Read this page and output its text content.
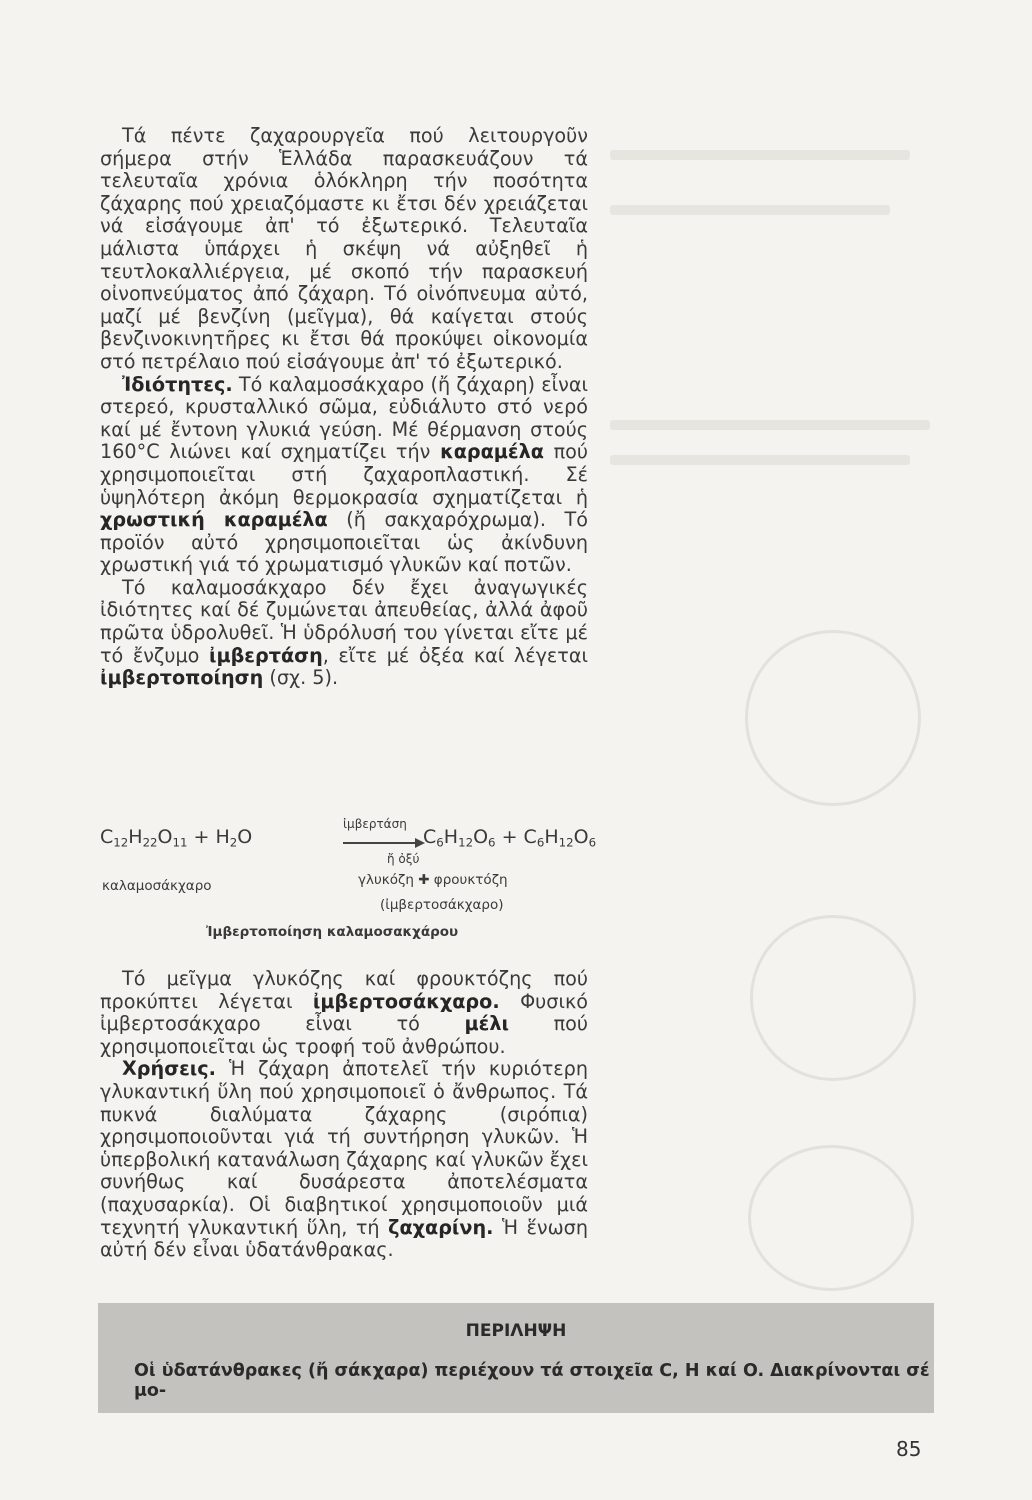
Τά πέντε ζαχαρουργεῖα πού λειτουργοῦν σήμερα στήν Ἑλλάδα παρασκευάζουν τά τελευταῖα χρόνια ὁλόκληρη τήν ποσότητα ζάχαρης πού χρειαζόμαστε κι ἔτσι δέν χρειάζεται νά εἰσάγουμε ἀπ' τό ἐξωτερικό. Τελευταῖα μάλιστα ὑπάρχει ἡ σκέψη νά αὐξηθεῖ ἡ τευτλοκαλλιέργεια, μέ σκοπό τήν παρασκευή οἰνοπνεύματος ἀπό ζάχαρη. Τό οἰνόπνευμα αὐτό, μαζί μέ βενζίνη (μεῖγμα), θά καίγεται στούς βενζινοκινητῆρες κι ἔτσι θά προκύψει οἰκονομία στό πετρέλαιο πού εἰσάγουμε ἀπ' τό ἐξωτερικό.

Ἰδιότητες. Τό καλαμοσάκχαρο (ἤ ζάχαρη) εἶναι στερεό, κρυσταλλικό σῶμα, εὐδιάλυτο στό νερό καί μέ ἔντονη γλυκιά γεύση. Μέ θέρμανση στούς 160°C λιώνει καί σχηματίζει τήν καραμέλα πού χρησιμοποιεῖται στή ζαχαροπλαστική. Σέ ὑψηλότερη ἀκόμη θερμοκρασία σχηματίζεται ἡ χρωστική καραμέλα (ἤ σακχαρόχρωμα). Τό προϊόν αὐτό χρησιμοποιεῖται ὡς ἀκίνδυνη χρωστική γιά τό χρωματισμό γλυκῶν καί ποτῶν.

Τό καλαμοσάκχαρο δέν ἔχει ἀναγωγικές ἰδιότητες καί δέ ζυμώνεται ἀπευθείας, ἀλλά ἀφοῦ πρῶτα ὑδρολυθεῖ. Ἡ ὑδρόλυσή του γίνεται εἴτε μέ τό ἔνζυμο ἰμβερτάση, εἴτε μέ ὀξέα καί λέγεται ἰμβερτοποίηση (σχ. 5).

$C_{12}H_{22}O_{11} + H_2O$
ἰμβερτάση
ἤ ὀξύ
$C_6H_{12}O_6 + C_6H_{12}O_6$
καλαμοσάκχαρο	γλυκόζη ✚ φρουκτόζη
(ἰμβερτοσάκχαρο)
Ἰμβερτοποίηση καλαμοσακχάρου

Τό μεῖγμα γλυκόζης καί φρουκτόζης πού προκύπτει λέγεται ἰμβερτοσάκχαρο. Φυσικό ἰμβερτοσάκχαρο εἶναι τό μέλι πού χρησιμοποιεῖται ὡς τροφή τοῦ ἀνθρώπου.

Χρήσεις. Ἡ ζάχαρη ἀποτελεῖ τήν κυριότερη γλυκαντική ὕλη πού χρησιμοποιεῖ ὁ ἄνθρωπος. Τά πυκνά διαλύματα ζάχαρης (σιρόπια) χρησιμοποιοῦνται γιά τή συντήρηση γλυκῶν. Ἡ ὑπερβολική κατανάλωση ζάχαρης καί γλυκῶν ἔχει συνήθως καί δυσάρεστα ἀποτελέσματα (παχυσαρκία). Οἱ διαβητικοί χρησιμοποιοῦν μιά τεχνητή γλυκαντική ὕλη, τή ζαχαρίνη. Ἡ ἕνωση αὐτή δέν εἶναι ὑδατάνθρακας.

ΠΕΡΙΛΗΨΗ
Οἱ ὑδατάνθρακες (ἤ σάκχαρα) περιέχουν τά στοιχεῖα C, H καί O. Διακρίνονται σέ μο-
85
